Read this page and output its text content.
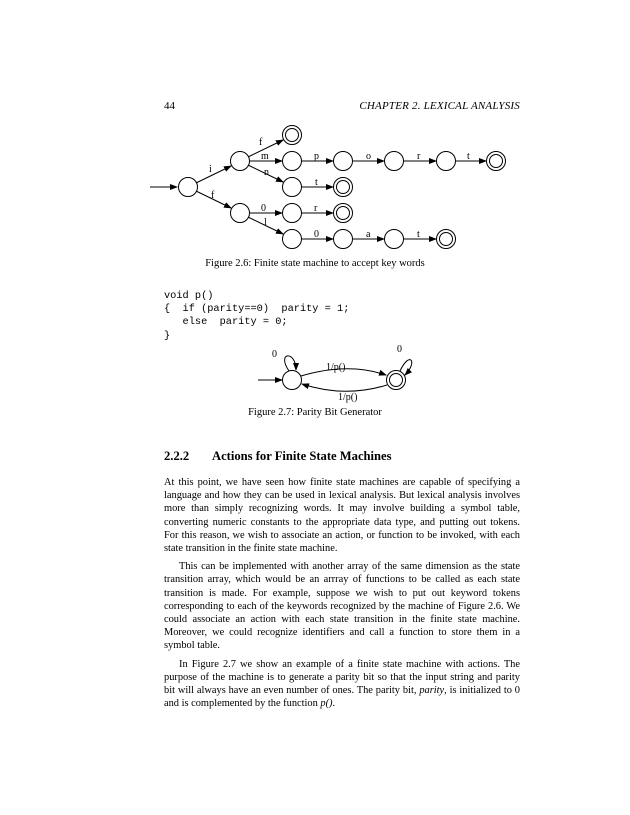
44	CHAPTER 2. LEXICAL ANALYSIS
i
f
f
m
n
p	o	r	t
t
0
l
r
0	a	t
0	0
1/p()
1/p()
Figure 2.6: Finite state machine to accept key words
void p()
{  if (parity==0)  parity = 1;
else  parity = 0;
}
Figure 2.7: Parity Bit Generator
2.2.2 Actions for Finite State Machines

At this point, we have seen how finite state machines are capable of specifying a language and how they can be used in lexical analysis. But lexical analysis involves more than simply recognizing words. It may involve building a symbol table, converting numeric constants to the appropriate data type, and putting out tokens. For this reason, we wish to associate an action, or function to be invoked, with each state transition in the finite state machine.

This can be implemented with another array of the same dimension as the state transition array, which would be an arrray of functions to be called as each state transition is made. For example, suppose we wish to put out keyword tokens corresponding to each of the keywords recognized by the machine of Figure 2.6. We could associate an action with each state transition in the finite state machine. Moreover, we could recognize identifiers and call a function to store them in a symbol table.

In Figure 2.7 we show an example of a finite state machine with actions. The purpose of the machine is to generate a parity bit so that the input string and parity bit will always have an even number of ones. The parity bit, parity, is initialized to 0 and is complemented by the function p().
